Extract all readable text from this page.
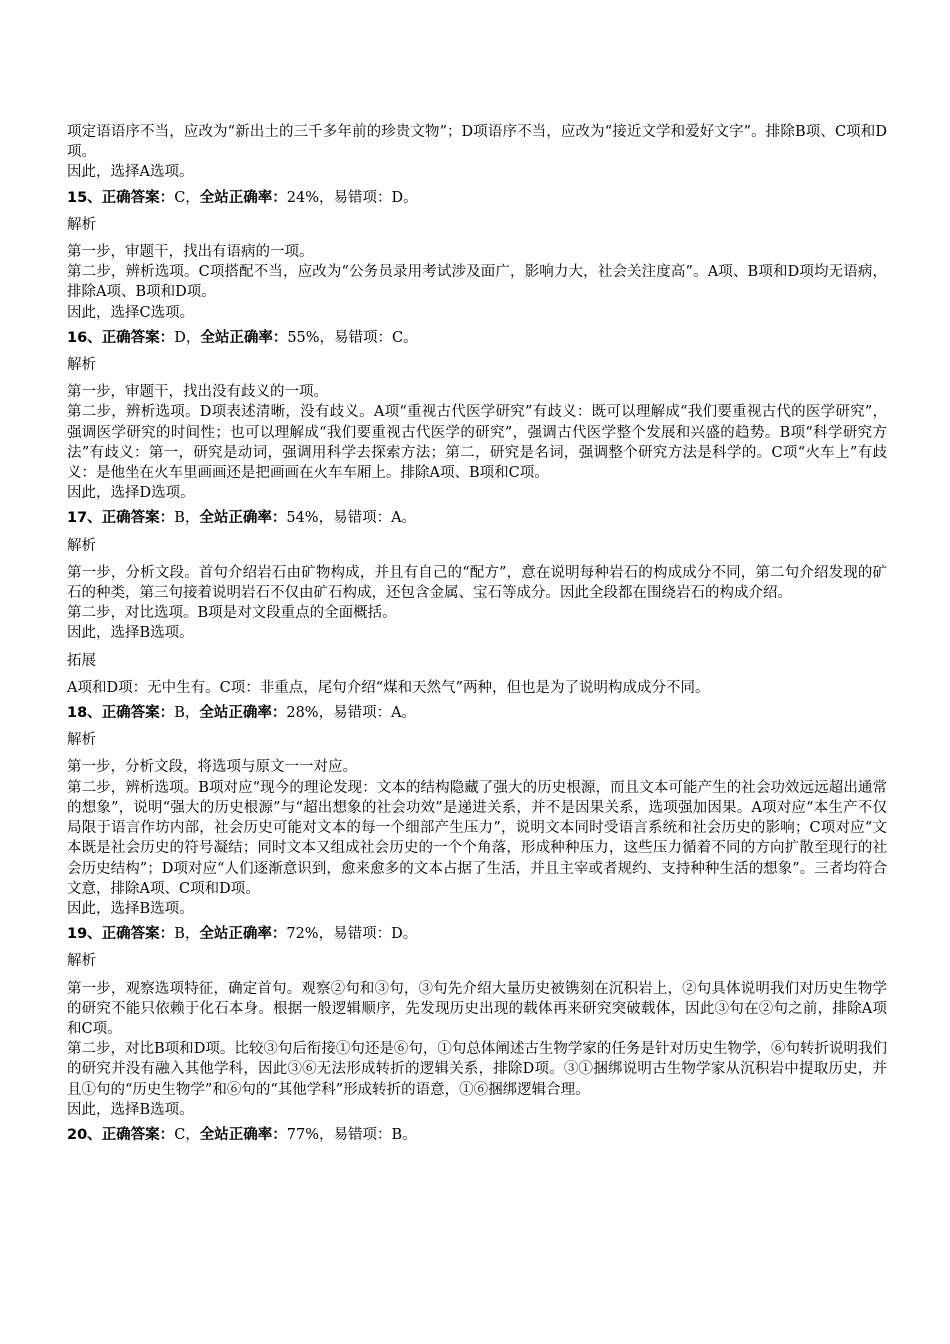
项定语语序不当，应改为“新出土的三千多年前的珍贵文物”；D项语序不当，应改为“接近文学和爱好文字”。排除B项、C项和D项。

因此，选择A选项。

15、正确答案：C，全站正确率：24%，易错项：D。

解析

第一步，审题干，找出有语病的一项。

第二步，辨析选项。C项搭配不当，应改为“公务员录用考试涉及面广，影响力大，社会关注度高”。A项、B项和D项均无语病，排除A项、B项和D项。

因此，选择C选项。

16、正确答案：D，全站正确率：55%，易错项：C。

解析

第一步，审题干，找出没有歧义的一项。

第二步，辨析选项。D项表述清晰，没有歧义。A项“重视古代医学研究”有歧义：既可以理解成“我们要重视古代的医学研究”，强调医学研究的时间性；也可以理解成“我们要重视古代医学的研究”，强调古代医学整个发展和兴盛的趋势。B项“科学研究方法”有歧义：第一，研究是动词，强调用科学去探索方法；第二，研究是名词，强调整个研究方法是科学的。C项“火车上”有歧义：是他坐在火车里画画还是把画画在火车车厢上。排除A项、B项和C项。

因此，选择D选项。

17、正确答案：B，全站正确率：54%，易错项：A。

解析

第一步，分析文段。首句介绍岩石由矿物构成，并且有自己的“配方”，意在说明每种岩石的构成成分不同，第二句介绍发现的矿石的种类，第三句接着说明岩石不仅由矿石构成，还包含金属、宝石等成分。因此全段都在围绕岩石的构成介绍。

第二步，对比选项。B项是对文段重点的全面概括。

因此，选择B选项。

拓展

A项和D项：无中生有。C项：非重点，尾句介绍“煤和天然气”两种，但也是为了说明构成成分不同。

18、正确答案：B，全站正确率：28%，易错项：A。

解析

第一步，分析文段，将选项与原文一一对应。

第二步，辨析选项。B项对应“现今的理论发现：文本的结构隐藏了强大的历史根源，而且文本可能产生的社会功效远远超出通常的想象”，说明“强大的历史根源”与“超出想象的社会功效”是递进关系，并不是因果关系，选项强加因果。A项对应“本生产不仅局限于语言作坊内部，社会历史可能对文本的每一个细部产生压力”，说明文本同时受语言系统和社会历史的影响；C项对应“文本既是社会历史的符号凝结；同时文本又组成社会历史的一个个角落，形成种种压力，这些压力循着不同的方向扩散至现行的社会历史结构”；D项对应“人们逐渐意识到，愈来愈多的文本占据了生活，并且主宰或者规约、支持种种生活的想象”。三者均符合文意，排除A项、C项和D项。

因此，选择B选项。

19、正确答案：B，全站正确率：72%，易错项：D。

解析

第一步，观察选项特征，确定首句。观察②句和③句，③句先介绍大量历史被镌刻在沉积岩上，②句具体说明我们对历史生物学的研究不能只依赖于化石本身。根据一般逻辑顺序，先发现历史出现的载体再来研究突破载体，因此③句在②句之前，排除A项和C项。

第二步，对比B项和D项。比较③句后衔接①句还是⑥句，①句总体阐述古生物学家的任务是针对历史生物学，⑥句转折说明我们的研究并没有融入其他学科，因此③⑥无法形成转折的逻辑关系，排除D项。③①捆绑说明古生物学家从沉积岩中提取历史，并且①句的“历史生物学”和⑥句的“其他学科”形成转折的语意，①⑥捆绑逻辑合理。

因此，选择B选项。

20、正确答案：C，全站正确率：77%，易错项：B。
